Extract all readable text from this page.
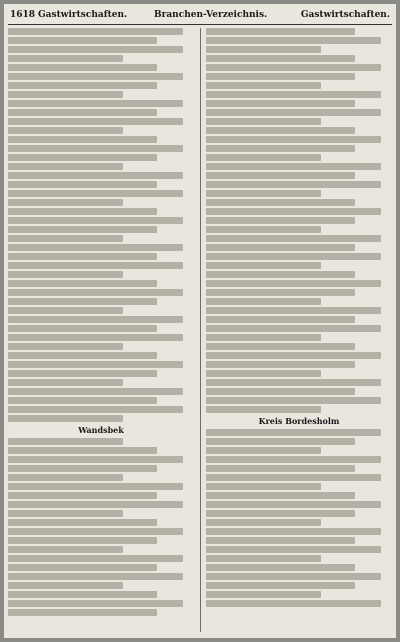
1618 Gastwirtschaften.	Branchen-Verzeichnis.	Gastwirtschaften.
Wandsbek
Kreis Bordesholm
